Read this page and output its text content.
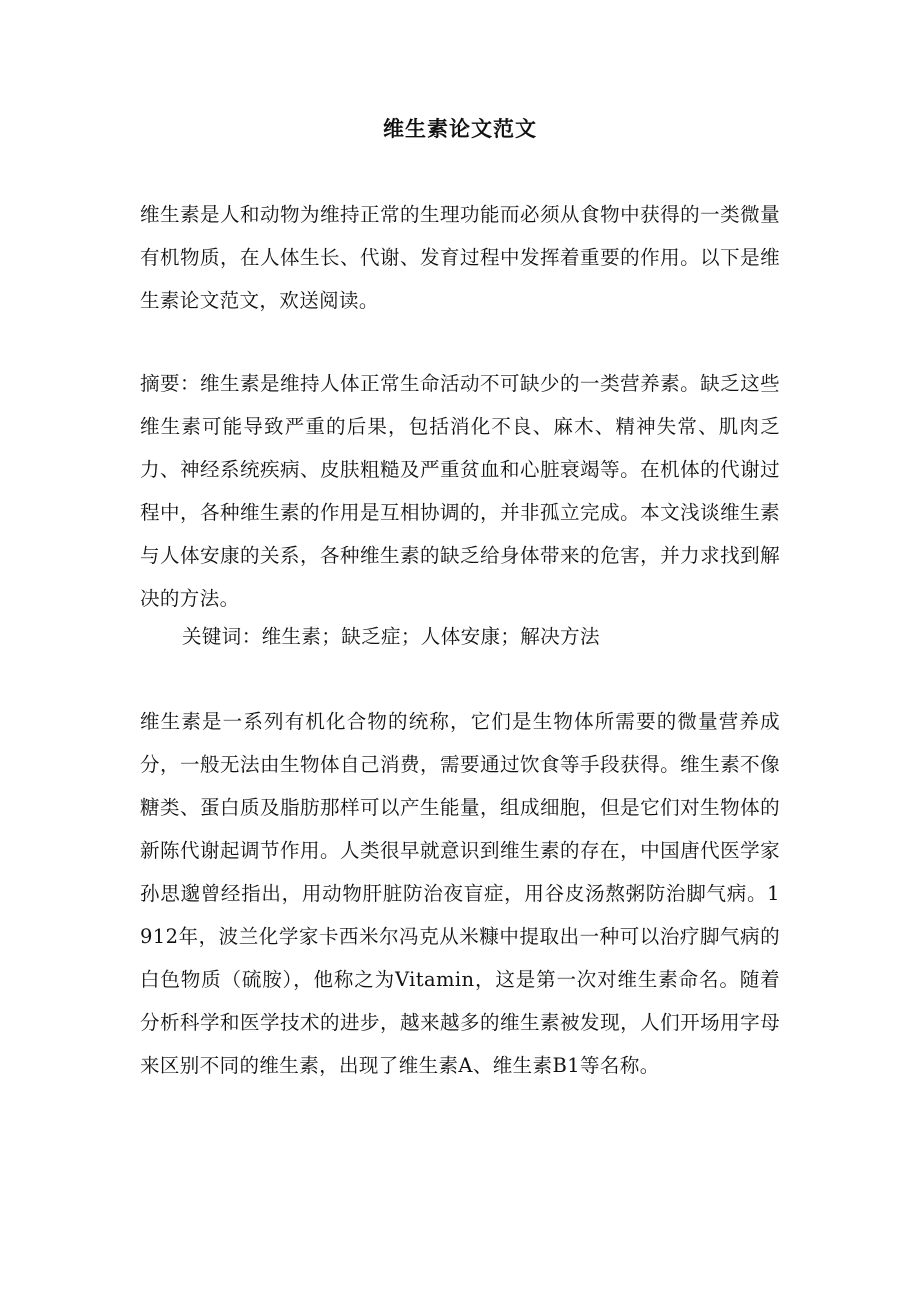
维生素论文范文

维生素是人和动物为维持正常的生理功能而必须从食物中获得的一类微量有机物质，在人体生长、代谢、发育过程中发挥着重要的作用。以下是维生素论文范文，欢送阅读。

摘要：维生素是维持人体正常生命活动不可缺少的一类营养素。缺乏这些维生素可能导致严重的后果，包括消化不良、麻木、精神失常、肌肉乏力、神经系统疾病、皮肤粗糙及严重贫血和心脏衰竭等。在机体的代谢过程中，各种维生素的作用是互相协调的，并非孤立完成。本文浅谈维生素与人体安康的关系，各种维生素的缺乏给身体带来的危害，并力求找到解决的方法。

关键词：维生素；缺乏症；人体安康；解决方法

维生素是一系列有机化合物的统称，它们是生物体所需要的微量营养成分，一般无法由生物体自己消费，需要通过饮食等手段获得。维生素不像糖类、蛋白质及脂肪那样可以产生能量，组成细胞，但是它们对生物体的新陈代谢起调节作用。人类很早就意识到维生素的存在，中国唐代医学家孙思邈曾经指出，用动物肝脏防治夜盲症，用谷皮汤熬粥防治脚气病。1912年，波兰化学家卡西米尔冯克从米糠中提取出一种可以治疗脚气病的白色物质（硫胺），他称之为Vitamin，这是第一次对维生素命名。随着分析科学和医学技术的进步，越来越多的维生素被发现，人们开场用字母来区别不同的维生素，出现了维生素A、维生素B1等名称。
